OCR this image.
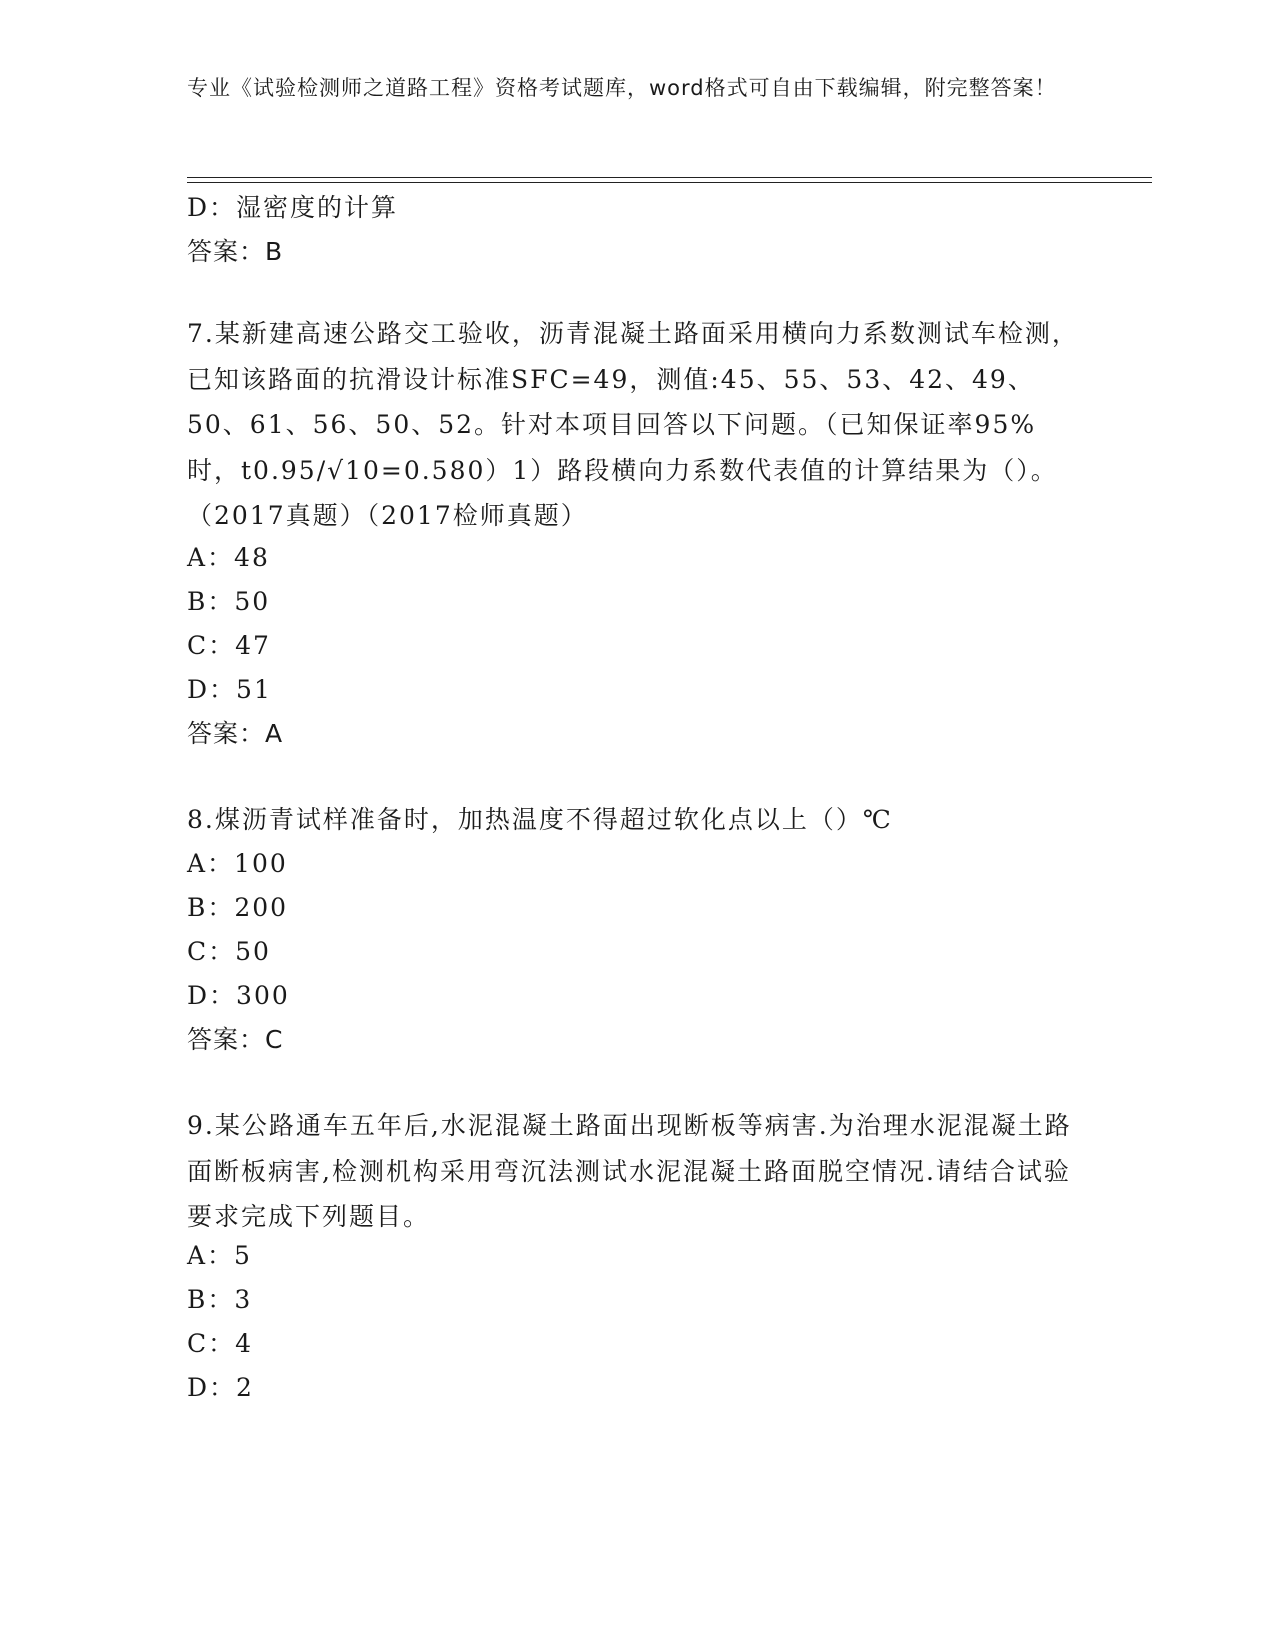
专业《试验检测师之道路工程》资格考试题库，word格式可自由下载编辑，附完整答案！
D：湿密度的计算
答案：B
7.某新建高速公路交工验收，沥青混凝土路面采用横向力系数测试车检测，已知该路面的抗滑设计标准SFC=49，测值:45、55、53、42、49、50、61、56、50、52。针对本项目回答以下问题。（已知保证率95%时，t0.95/√10=0.580）1）路段横向力系数代表值的计算结果为（）。（2017真题）（2017检师真题）
A：48
B：50
C：47
D：51
答案：A
8.煤沥青试样准备时，加热温度不得超过软化点以上（）℃
A：100
B：200
C：50
D：300
答案：C
9.某公路通车五年后,水泥混凝土路面出现断板等病害.为治理水泥混凝土路面断板病害,检测机构采用弯沉法测试水泥混凝土路面脱空情况.请结合试验要求完成下列题目。
A：5
B：3
C：4
D：2
